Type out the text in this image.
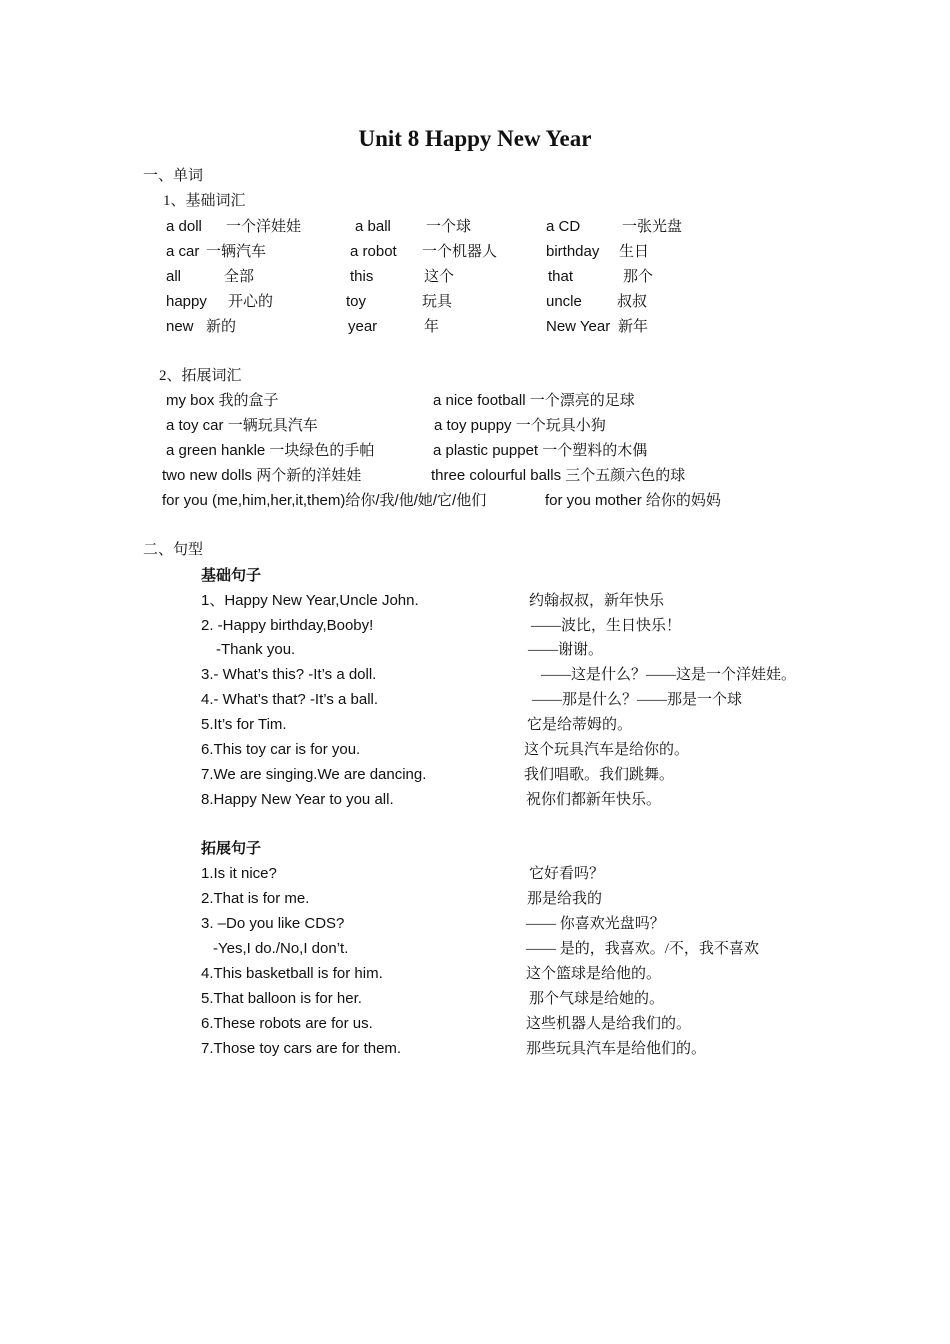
Unit 8 Happy New Year
一、单词
1、基础词汇
a doll 一个洋娃娃	a ball 一个球	a CD	一张光盘
a car 一辆汽车	a robot 一个机器人	birthday 生日
all	全部	this	这个	that	那个
happy 开心的	toy	玩具	uncle 叔叔
new 新的	year	年	New Year 新年
2、拓展词汇
my box 我的盒子	a nice football 一个漂亮的足球
a toy car 一辆玩具汽车	a toy puppy 一个玩具小狗
a green hankle 一块绿色的手帕	a plastic puppet 一个塑料的木偶
two new dolls 两个新的洋娃娃	three colourful balls 三个五颜六色的球
for you (me,him,her,it,them)给你/我/他/她/它/他们	for you mother 给你的妈妈
二、句型
基础句子
1、Happy New Year,Uncle John.	约翰叔叔，新年快乐
2. -Happy birthday,Booby!	——波比，生日快乐！
-Thank you.	——谢谢。
3.- What’s this? -It’s a doll.	——这是什么？——这是一个洋娃娃。
4.- What’s that? -It’s a ball.	——那是什么？——那是一个球
5.It’s for Tim.	它是给蒂姆的。
6.This toy car is for you.	这个玩具汽车是给你的。
7.We are singing.We are dancing.	我们唱歌。我们跳舞。
8.Happy New Year to you all.	祝你们都新年快乐。
拓展句子
1.Is it nice?	它好看吗？
2.That is for me.	那是给我的
3. –Do you like CDS?	—— 你喜欢光盘吗？
-Yes,I do./No,I don’t.	—— 是的，我喜欢。/不，我不喜欢
4.This basketball is for him.	这个篮球是给他的。
5.That balloon is for her.	那个气球是给她的。
6.These robots are for us.	这些机器人是给我们的。
7.Those toy cars are for them.	那些玩具汽车是给他们的。
